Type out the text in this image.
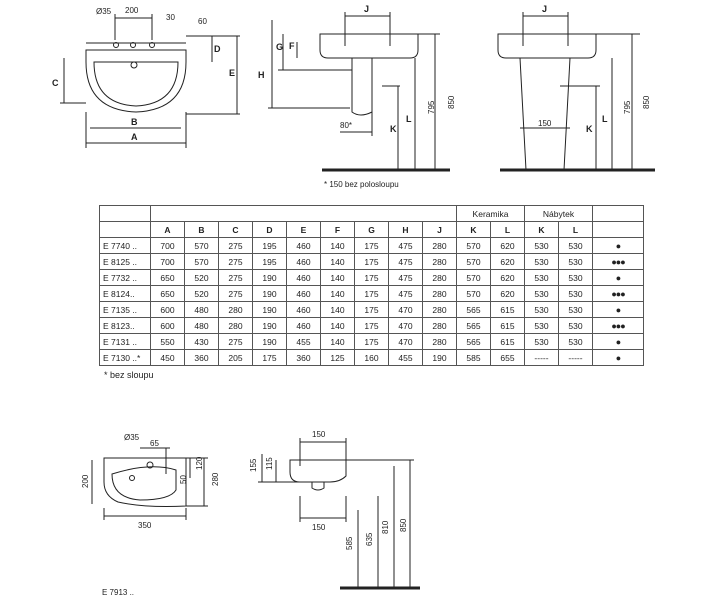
Ø35 200
30	60
C
D
E
B
A
J
G F
H
K
L
795 850
80*
J
150
K
L
795 850
* 150 bez polosloupu
										Keramika		Nábytek		
	A	B	C	D	E	F	G	H	J	K	L	K	L	
E 7740 ..	700	570	275	195	460	140	175	475	280	570	620	530	530	●
E 8125 ..	700	570	275	195	460	140	175	475	280	570	620	530	530	●●●
E 7732 ..	650	520	275	190	460	140	175	475	280	570	620	530	530	●
E 8124..	650	520	275	190	460	140	175	475	280	570	620	530	530	●●●
E 7135 ..	600	480	280	190	460	140	175	470	280	565	615	530	530	●
E 8123..	600	480	280	190	460	140	175	470	280	565	615	530	530	●●●
E 7131 ..	550	430	275	190	455	140	175	470	280	565	615	530	530	●
E 7130 ..*	450	360	205	175	360	125	160	455	190	585	655	-----	-----	●
* bez sloupu
Ø35
65
50
120
280
200
350
150
155 115
150
585 635
810 850
E 7913 ..
